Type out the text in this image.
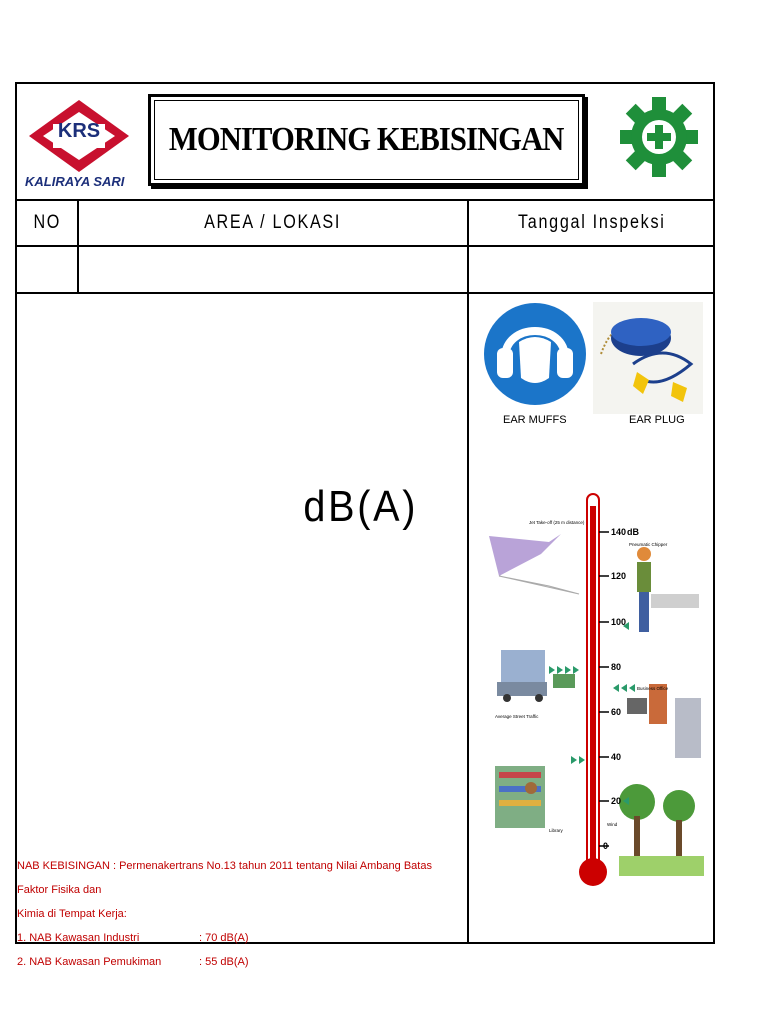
KRS
KALIRAYA SARI
MONITORING KEBISINGAN
NO	AREA / LOKASI	Tanggal Inspeksi
dB(A)
EAR MUFFS	EAR PLUG
140 dB
120
100
80
60
40
20
0
Jet Take-off (25 m distance)
Pneumatic Chipper
Average Street Traffic
Business Office
Library
Wind
NAB KEBISINGAN : Permenakertrans No.13 tahun 2011 tentang Nilai Ambang Batas Faktor Fisika dan
Kimia di Tempat Kerja:
1. NAB Kawasan Industri	: 70 dB(A)
2. NAB Kawasan Pemukiman	: 55 dB(A)
